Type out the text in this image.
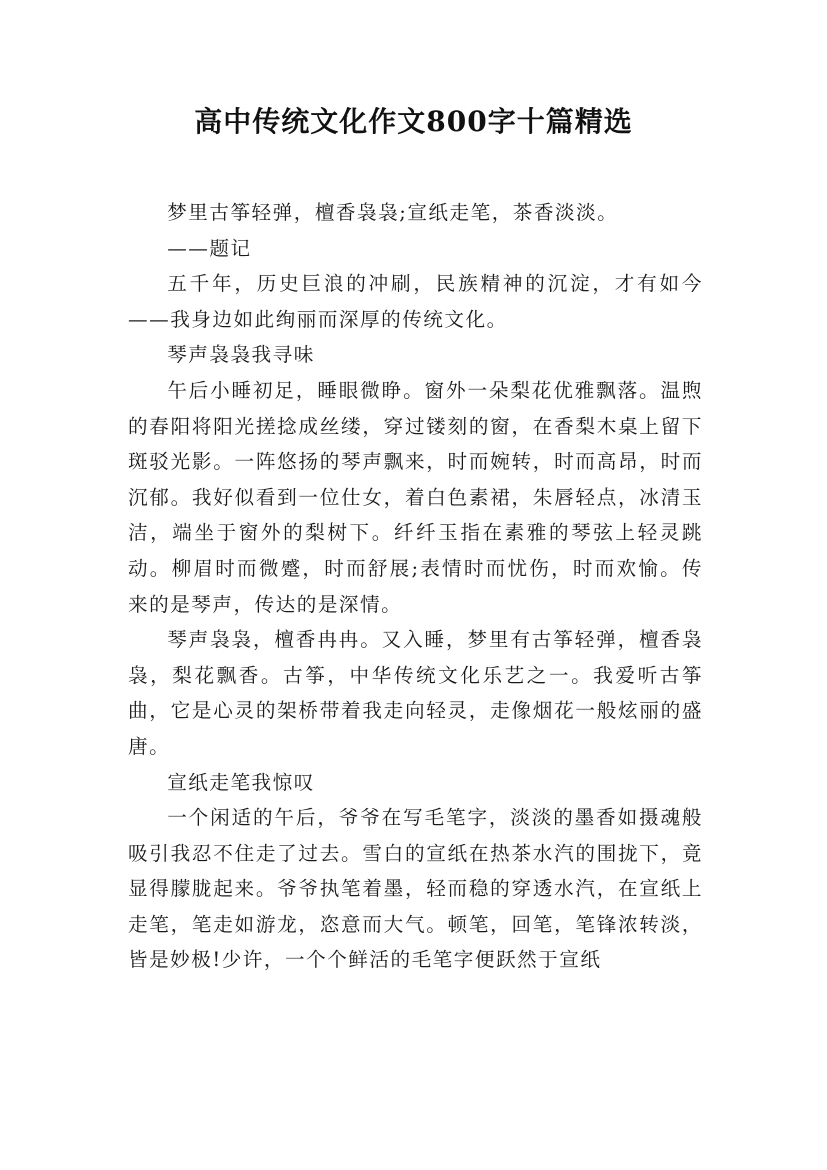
高中传统文化作文800字十篇精选

梦里古筝轻弹，檀香袅袅;宣纸走笔，茶香淡淡。

——题记

五千年，历史巨浪的冲刷，民族精神的沉淀，才有如今——我身边如此绚丽而深厚的传统文化。

琴声袅袅我寻味

午后小睡初足，睡眼微睁。窗外一朵梨花优雅飘落。温煦的春阳将阳光搓捻成丝缕，穿过镂刻的窗，在香梨木桌上留下斑驳光影。一阵悠扬的琴声飘来，时而婉转，时而高昂，时而沉郁。我好似看到一位仕女，着白色素裙，朱唇轻点，冰清玉洁，端坐于窗外的梨树下。纤纤玉指在素雅的琴弦上轻灵跳动。柳眉时而微蹙，时而舒展;表情时而忧伤，时而欢愉。传来的是琴声，传达的是深情。

琴声袅袅，檀香冉冉。又入睡，梦里有古筝轻弹，檀香袅袅，梨花飘香。古筝，中华传统文化乐艺之一。我爱听古筝曲，它是心灵的架桥带着我走向轻灵，走像烟花一般炫丽的盛唐。

宣纸走笔我惊叹

一个闲适的午后，爷爷在写毛笔字，淡淡的墨香如摄魂般吸引我忍不住走了过去。雪白的宣纸在热茶水汽的围拢下，竟显得朦胧起来。爷爷执笔着墨，轻而稳的穿透水汽，在宣纸上走笔，笔走如游龙，恣意而大气。顿笔，回笔，笔锋浓转淡，皆是妙极!少许，一个个鲜活的毛笔字便跃然于宣纸
